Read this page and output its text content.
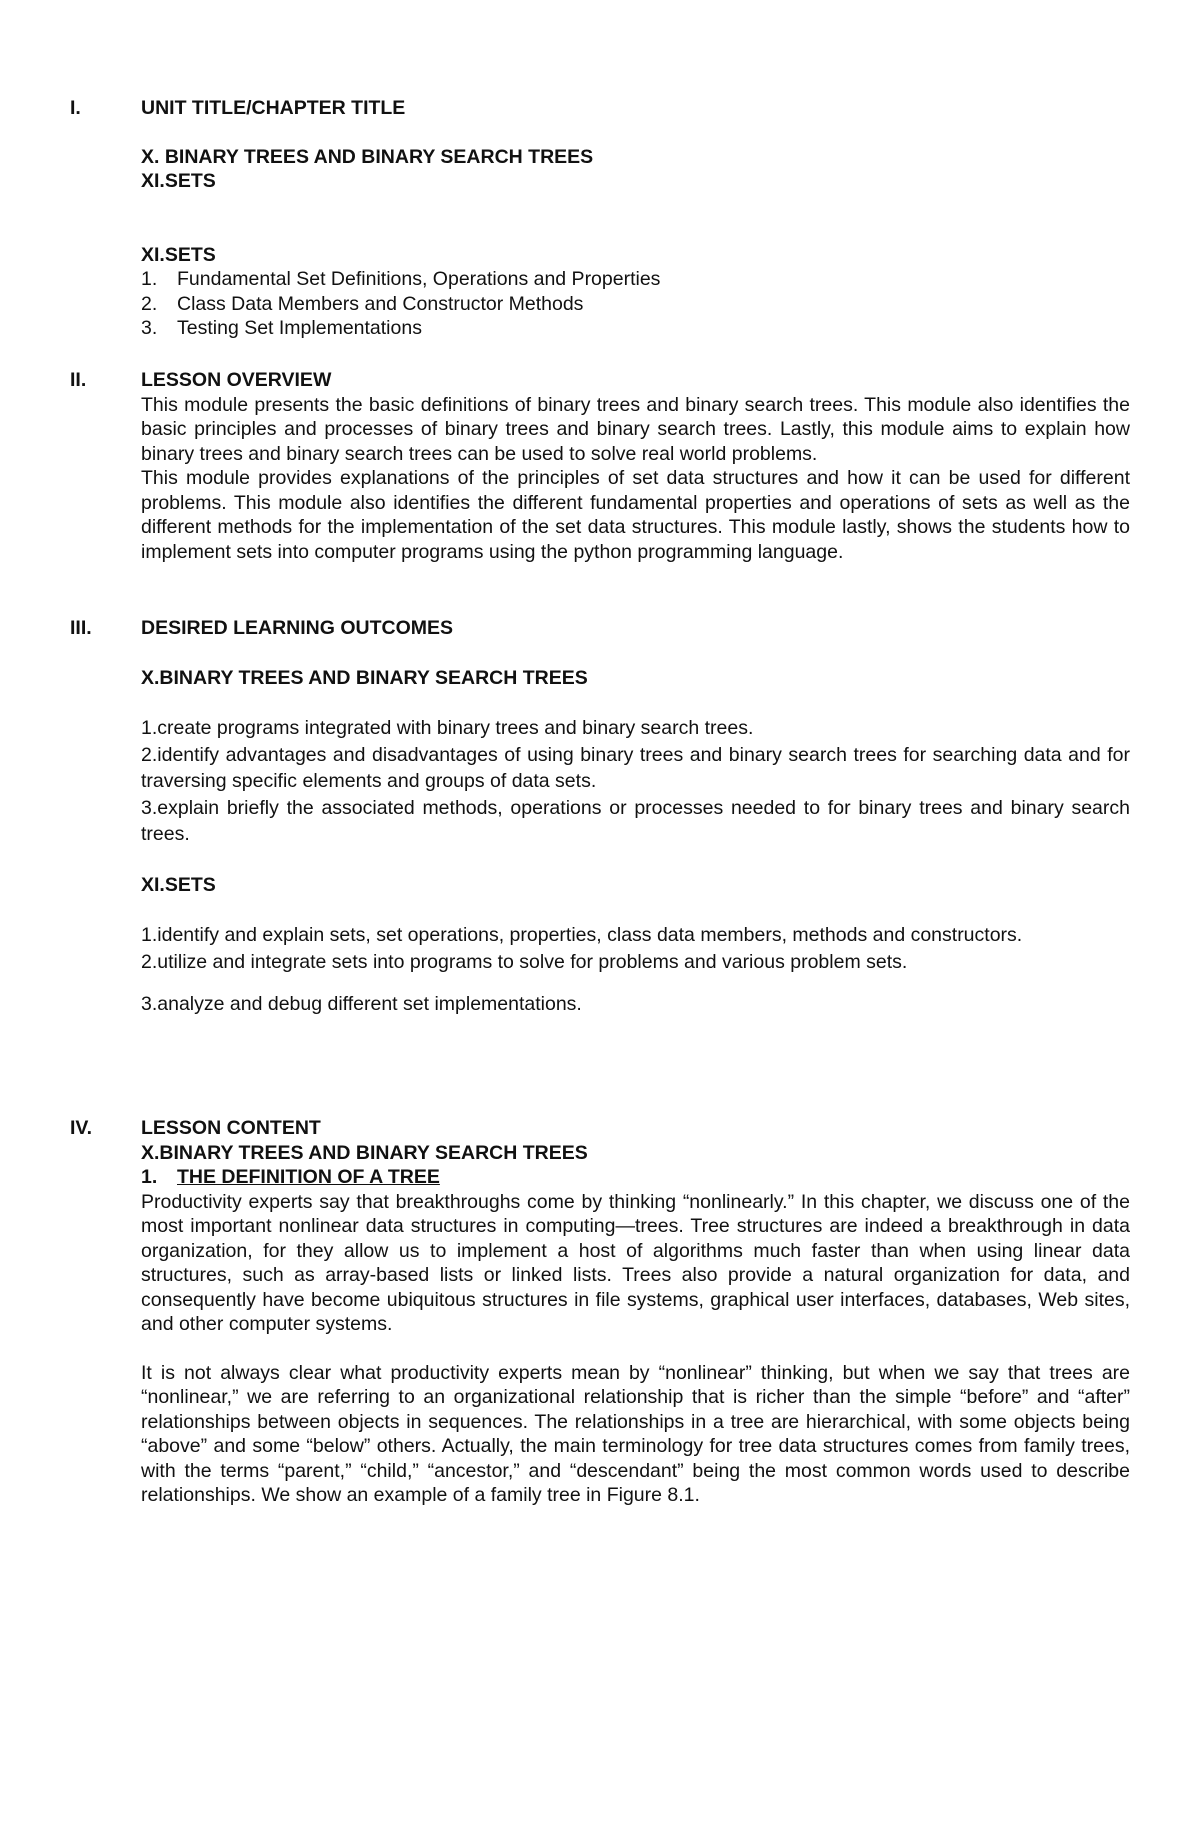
I.	UNIT TITLE/CHAPTER TITLE

X. BINARY TREES AND BINARY SEARCH TREES

XI.SETS

XI.SETS

1. Fundamental Set Definitions, Operations and Properties
2. Class Data Members and Constructor Methods
3. Testing Set Implementations
II.	LESSON OVERVIEW

This module presents the basic definitions of binary trees and binary search trees. This module also identifies the basic principles and processes of binary trees and binary search trees. Lastly, this module aims to explain how binary trees and binary search trees can be used to solve real world problems.

This module provides explanations of the principles of set data structures and how it can be used for different problems. This module also identifies the different fundamental properties and operations of sets as well as the different methods for the implementation of the set data structures. This module lastly, shows the students how to implement sets into computer programs using the python programming language.

III.	DESIRED LEARNING OUTCOMES

X.BINARY TREES AND BINARY SEARCH TREES

1.create programs integrated with binary trees and binary search trees.

2.identify advantages and disadvantages of using binary trees and binary search trees for searching data and for traversing specific elements and groups of data sets.

3.explain briefly the associated methods, operations or processes needed to for binary trees and binary search trees.

XI.SETS

1.identify and explain sets, set operations, properties, class data members, methods and constructors.

2.utilize and integrate sets into programs to solve for problems and various problem sets.

3.analyze and debug different set implementations.

IV.	LESSON CONTENT

X.BINARY TREES AND BINARY SEARCH TREES

1. THE DEFINITION OF A TREE

Productivity experts say that breakthroughs come by thinking “nonlinearly.” In this chapter, we discuss one of the most important nonlinear data structures in computing—trees. Tree structures are indeed a breakthrough in data organization, for they allow us to implement a host of algorithms much faster than when using linear data structures, such as array-based lists or linked lists. Trees also provide a natural organization for data, and consequently have become ubiquitous structures in file systems, graphical user interfaces, databases, Web sites, and other computer systems.

It is not always clear what productivity experts mean by “nonlinear” thinking, but when we say that trees are “nonlinear,” we are referring to an organizational relationship that is richer than the simple “before” and “after” relationships between objects in sequences. The relationships in a tree are hierarchical, with some objects being “above” and some “below” others. Actually, the main terminology for tree data structures comes from family trees, with the terms “parent,” “child,” “ancestor,” and “descendant” being the most common words used to describe relationships. We show an example of a family tree in Figure 8.1.
